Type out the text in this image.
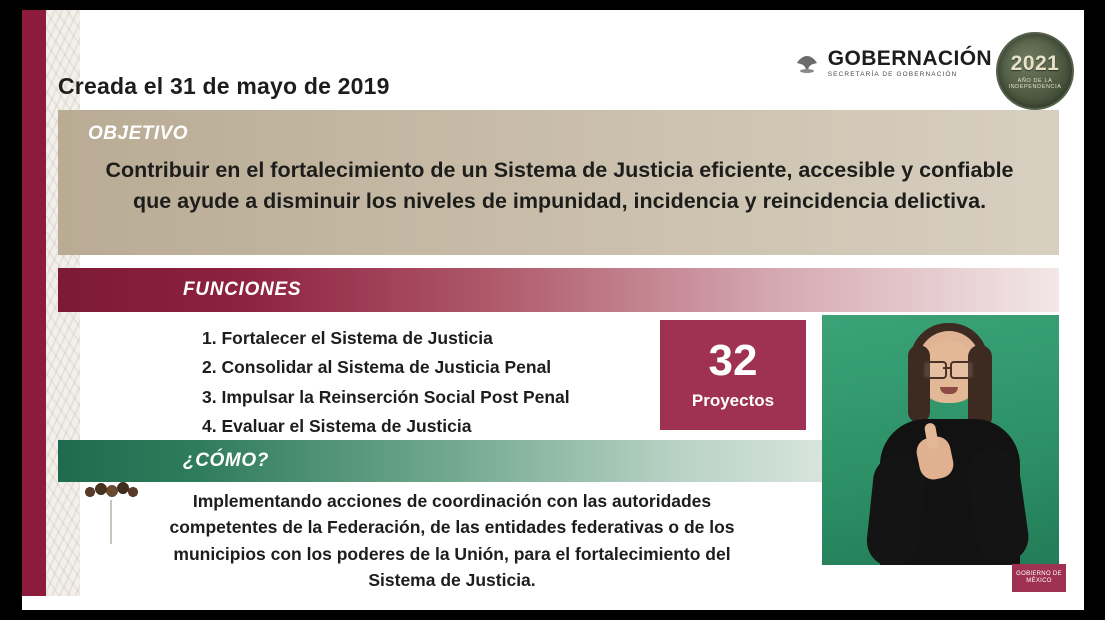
Creada el 31 de mayo de 2019
GOBERNACIÓN
SECRETARÍA DE GOBERNACIÓN	2021
AÑO DE LA INDEPENDENCIA
OBJETIVO
Contribuir en el fortalecimiento de un Sistema de Justicia eficiente, accesible y confiable que ayude a disminuir los niveles de impunidad, incidencia y reincidencia delictiva.
FUNCIONES
1. Fortalecer el Sistema de Justicia
2. Consolidar al Sistema de Justicia Penal
3. Impulsar la Reinserción Social Post Penal
4. Evaluar el Sistema de Justicia
32
Proyectos
¿CÓMO?
Implementando acciones de coordinación con las autoridades competentes de la Federación, de las entidades federativas o de los municipios con los poderes de la Unión, para el fortalecimiento del Sistema de Justicia.	GOBIERNO DE MÉXICO
